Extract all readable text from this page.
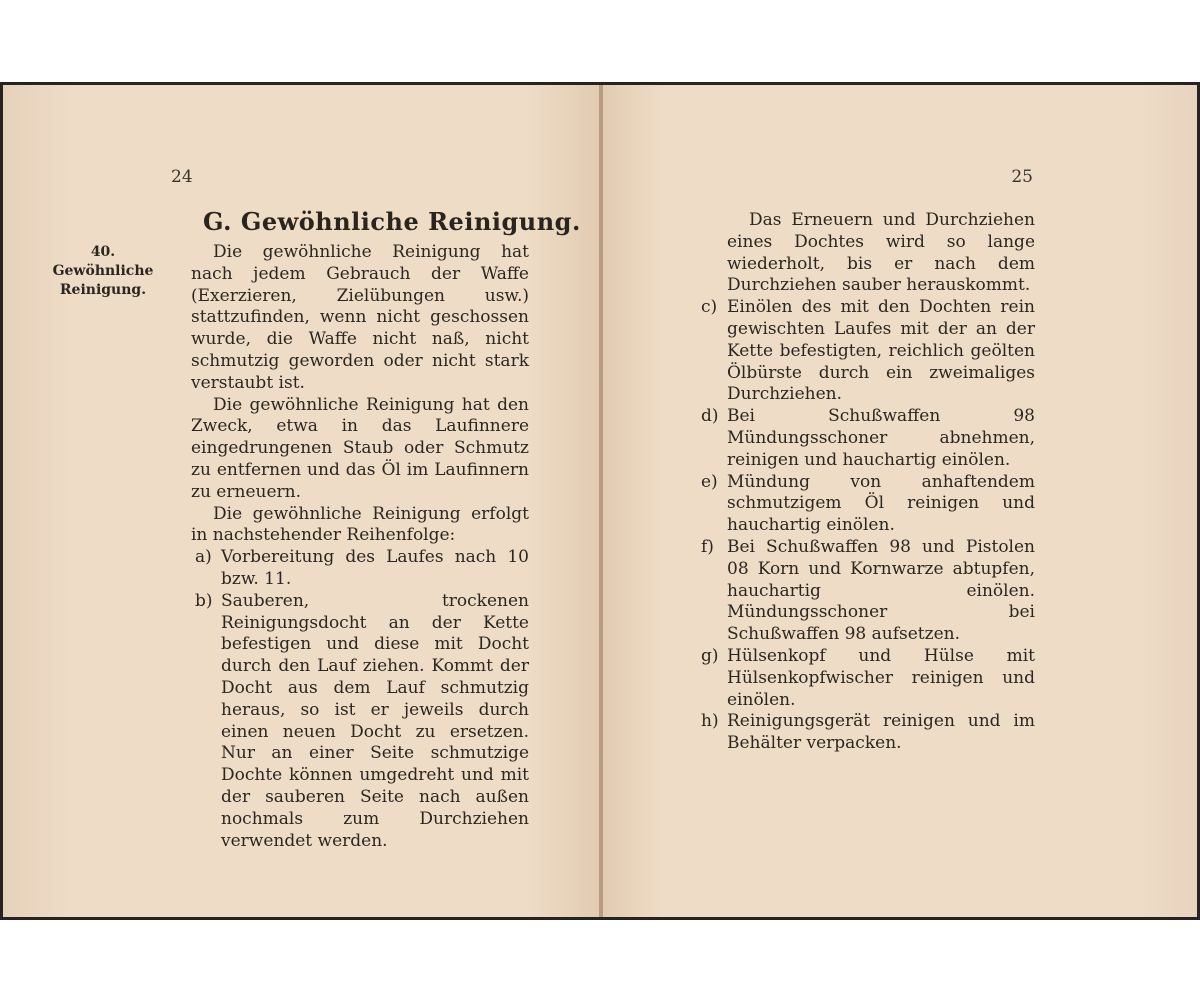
24
G. Gewöhnliche Reinigung.
40.
Gewöhnliche
Reinigung.

Die gewöhnliche Reinigung hat nach jedem Gebrauch der Waffe (Exerzieren, Zielübungen usw.) stattzufinden, wenn nicht geschossen wurde, die Waffe nicht naß, nicht schmutzig geworden oder nicht stark verstaubt ist.

Die gewöhnliche Reinigung hat den Zweck, etwa in das Laufinnere eingedrungenen Staub oder Schmutz zu entfernen und das Öl im Laufinnern zu erneuern.

Die gewöhnliche Reinigung erfolgt in nachstehender Reihenfolge:

a) Vorbereitung des Laufes nach 10 bzw. 11.

b) Sauberen, trockenen Reinigungsdocht an der Kette befestigen und diese mit Docht durch den Lauf ziehen. Kommt der Docht aus dem Lauf schmutzig heraus, so ist er jeweils durch einen neuen Docht zu ersetzen. Nur an einer Seite schmutzige Dochte können umgedreht und mit der sauberen Seite nach außen nochmals zum Durchziehen verwendet werden.

25

Das Erneuern und Durchziehen eines Dochtes wird so lange wiederholt, bis er nach dem Durchziehen sauber herauskommt.

c) Einölen des mit den Dochten rein gewischten Laufes mit der an der Kette befestigten, reichlich geölten Ölbürste durch ein zweimaliges Durchziehen.

d) Bei Schußwaffen 98 Mündungsschoner abnehmen, reinigen und hauchartig einölen.

e) Mündung von anhaftendem schmutzigem Öl reinigen und hauchartig einölen.

f) Bei Schußwaffen 98 und Pistolen 08 Korn und Kornwarze abtupfen, hauchartig einölen. Mündungsschoner bei Schußwaffen 98 aufsetzen.

g) Hülsenkopf und Hülse mit Hülsenkopfwischer reinigen und einölen.

h) Reinigungsgerät reinigen und im Behälter verpacken.
